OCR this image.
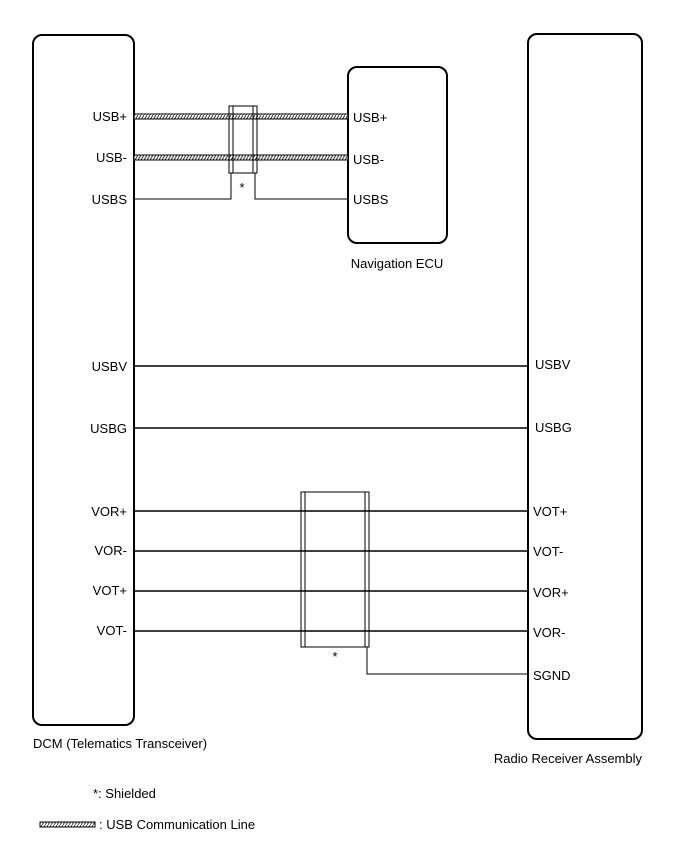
*
*
USB+
USB-
USBS
USBV
USBG
VOR+
VOR-
VOT+
VOT-
USB+
USB-
USBS
USBV
USBG
VOT+
VOT-
VOR+
VOR-
SGND
Navigation ECU
DCM (Telematics Transceiver)
Radio Receiver Assembly
*: Shielded
: USB Communication Line
